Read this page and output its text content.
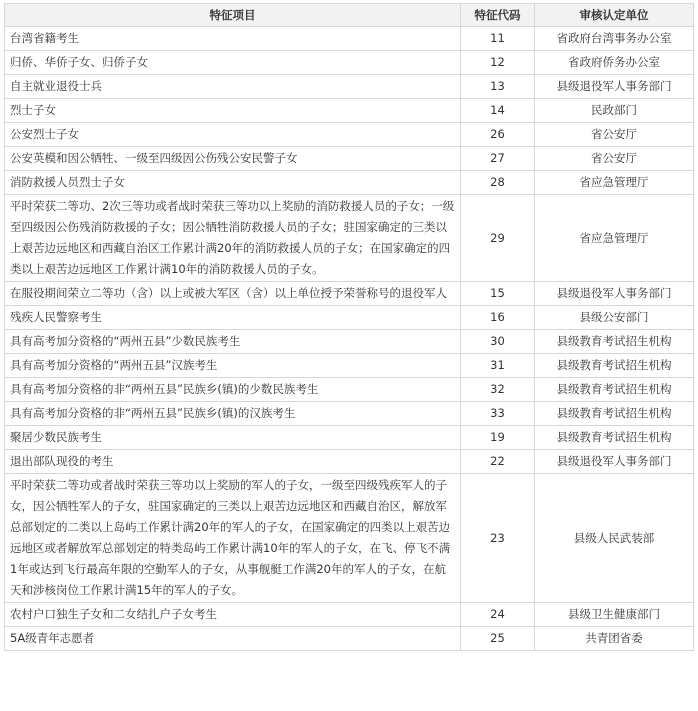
特征项目	特征代码	审核认定单位
台湾省籍考生	11	省政府台湾事务办公室
归侨、华侨子女、归侨子女	12	省政府侨务办公室
自主就业退役士兵	13	县级退役军人事务部门
烈士子女	14	民政部门
公安烈士子女	26	省公安厅
公安英模和因公牺牲、一级至四级因公伤残公安民警子女	27	省公安厅
消防救援人员烈士子女	28	省应急管理厅
平时荣获二等功、2次三等功或者战时荣获三等功以上奖励的消防救援人员的子女；一级至四级因公伤残消防救援的子女；因公牺牲消防救援人员的子女；驻国家确定的三类以上艰苦边远地区和西藏自治区工作累计满20年的消防救援人员的子女；在国家确定的四类以上艰苦边远地区工作累计满10年的消防救援人员的子女。	29	省应急管理厅
在服役期间荣立二等功（含）以上或被大军区（含）以上单位授予荣誉称号的退役军人	15	县级退役军人事务部门
残疾人民警察考生	16	县级公安部门
具有高考加分资格的“两州五县”少数民族考生	30	县级教育考试招生机构
具有高考加分资格的“两州五县”汉族考生	31	县级教育考试招生机构
具有高考加分资格的非“两州五县”民族乡(镇)的少数民族考生	32	县级教育考试招生机构
具有高考加分资格的非“两州五县”民族乡(镇)的汉族考生	33	县级教育考试招生机构
聚居少数民族考生	19	县级教育考试招生机构
退出部队现役的考生	22	县级退役军人事务部门
平时荣获二等功或者战时荣获三等功以上奖励的军人的子女，一级至四级残疾军人的子女，因公牺牲军人的子女，驻国家确定的三类以上艰苦边远地区和西藏自治区，解放军总部划定的二类以上岛屿工作累计满20年的军人的子女，在国家确定的四类以上艰苦边远地区或者解放军总部划定的特类岛屿工作累计满10年的军人的子女，在飞、停飞不满1年或达到飞行最高年限的空勤军人的子女，从事舰艇工作满20年的军人的子女，在航天和涉核岗位工作累计满15年的军人的子女。	23	县级人民武装部
农村户口独生子女和二女结扎户子女考生	24	县级卫生健康部门
5A级青年志愿者	25	共青团省委
